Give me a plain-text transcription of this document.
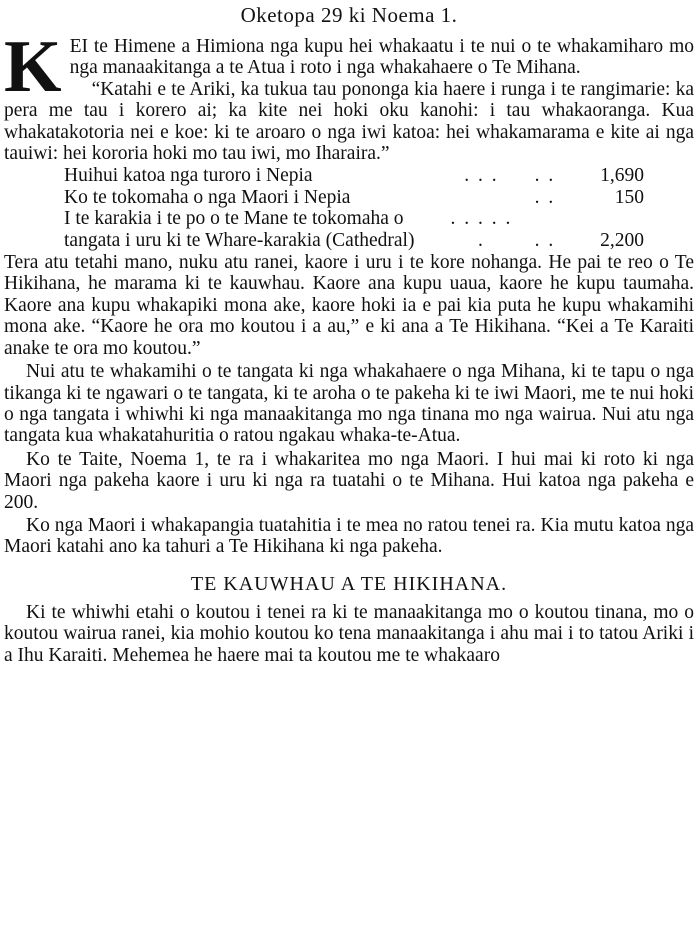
Oketopa 29 ki Noema 1.

KEI te Himene a Himiona nga kupu hei whakaatu i te nui o te whakamiharo mo nga manaakitanga a te Atua i roto i nga whakahaere o Te Mihana.

“Katahi e te Ariki, ka tukua tau pononga kia haere i runga i te rangimarie: ka pera me tau i korero ai; ka kite nei hoki oku kanohi: i tau whakaoranga. Kua whakatakotoria nei e koe: ki te aroaro o nga iwi katoa: hei whakamarama e kite ai nga tauiwi: hei kororia hoki mo tau iwi, mo Iharaira.”

Huihui katoa nga turoro i Nepia	. . .	. .	1,690
Ko te tokomaha o nga Maori i Nepia		. .	150
I te karakia i te po o te Mane te tokomaha o tangata i uru ki te Whare-karakia (Cathedral)	. . . . . .	. .	2,200

Tera atu tetahi mano, nuku atu ranei, kaore i uru i te kore nohanga. He pai te reo o Te Hikihana, he marama ki te kauwhau. Kaore ana kupu uaua, kaore he kupu taumaha. Kaore ana kupu whakapiki mona ake, kaore hoki ia e pai kia puta he kupu whakamihi mona ake. “Kaore he ora mo koutou i a au,” e ki ana a Te Hikihana. “Kei a Te Karaiti anake te ora mo koutou.”

Nui atu te whakamihi o te tangata ki nga whakahaere o nga Mihana, ki te tapu o nga tikanga ki te ngawari o te tangata, ki te aroha o te pakeha ki te iwi Maori, me te nui hoki o nga tangata i whiwhi ki nga manaakitanga mo nga tinana mo nga wairua. Nui atu nga tangata kua whakatahuritia o ratou ngakau whaka-te-Atua.

Ko te Taite, Noema 1, te ra i whakaritea mo nga Maori. I hui mai ki roto ki nga Maori nga pakeha kaore i uru ki nga ra tuatahi o te Mihana. Hui katoa nga pakeha e 200.

Ko nga Maori i whakapangia tuatahitia i te mea no ratou tenei ra. Kia mutu katoa nga Maori katahi ano ka tahuri a Te Hikihana ki nga pakeha.

TE KAUWHAU A TE HIKIHANA.

Ki te whiwhi etahi o koutou i tenei ra ki te manaakitanga mo o koutou tinana, mo o koutou wairua ranei, kia mohio koutou ko tena manaakitanga i ahu mai i to tatou Ariki i a Ihu Karaiti. Mehemea he haere mai ta koutou me te whakaaro
